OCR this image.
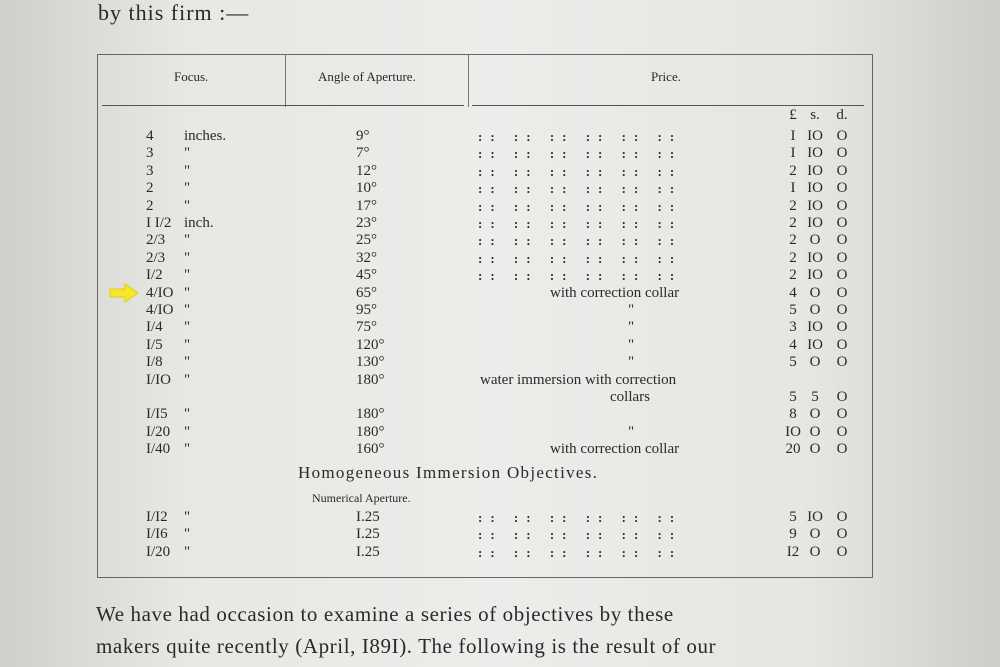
by this firm :—
Focus.	Angle of Aperture.	Price.
£ s.	d.
4 inches.	9°	:: :: :: :: :: ::	I IO O
3 "	7°	:: :: :: :: :: ::	I IO O
3 "	12°	:: :: :: :: :: ::	2 IO O
2 "	10°	:: :: :: :: :: ::	I IO O
2 "	17°	:: :: :: :: :: ::	2 IO O
I I/2 inch.	23°	:: :: :: :: :: ::	2 IO O
2/3 "	25°	:: :: :: :: :: ::	2 O	O
2/3 "	32°	:: :: :: :: :: ::	2 IO O
I/2 "	45°	:: :: :: :: :: ::	2 IO O
4/IO "	65°	with correction collar	4 O	O
4/IO "	95°	"	5 O	O
I/4 "	75°	"	3 IO O
I/5 "	120°	"	4 IO O
I/8 "	130°	"	5 O	O
I/IO "	180°	water immersion with correction
collars	5 5	O
I/I5 "	180°	8 O	O
I/20 "	180°	"	IO O	O
I/40 "	160°	with correction collar	20 O	O
Homogeneous Immersion Objectives.
Numerical Aperture.
I/I2 "	I.25	:: :: :: :: :: ::	5 IO O
I/I6 "	I.25	:: :: :: :: :: ::	9 O	O
I/20 "	I.25	:: :: :: :: :: ::	I2 O	O
We have had occasion to examine a series of objectives by these
makers quite recently (April, I89I). The following is the result of our
